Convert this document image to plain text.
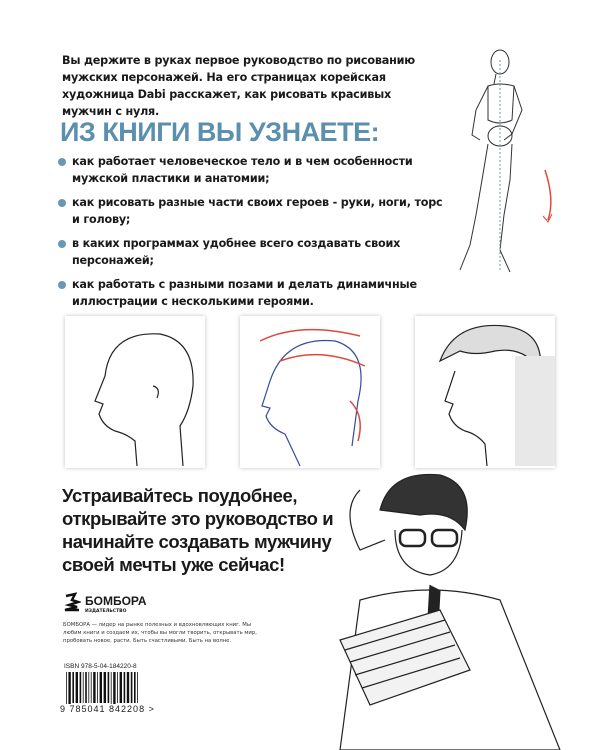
Вы держите в руках первое руководство по рисованию мужских персонажей. На его страницах корейская художница Dabi расскажет, как рисовать красивых мужчин с нуля.
ИЗ КНИГИ ВЫ УЗНАЕТЕ:
как работает человеческое тело и в чем особенности мужской пластики и анатомии;
как рисовать разные части своих героев - руки, ноги, торс и голову;
в каких программах удобнее всего создавать своих персонажей;
как работать с разными позами и делать динамичные иллюстрации с несколькими героями.
Устраивайтесь поудобнее, открывайте это руководство и начинайте создавать мужчину своей мечты уже сейчас!
БОМБОРА
ИЗДАТЕЛЬСТВО
БОМБОРА — лидер на рынке полезных и вдохновляющих книг. Мы любим книги и создаем их, чтобы вы могли творить, открывать мир, пробовать новое, расти. Быть счастливыми. Быть на волне.
ISBN 978-5-04-184220-8
9 785041 842208 >
